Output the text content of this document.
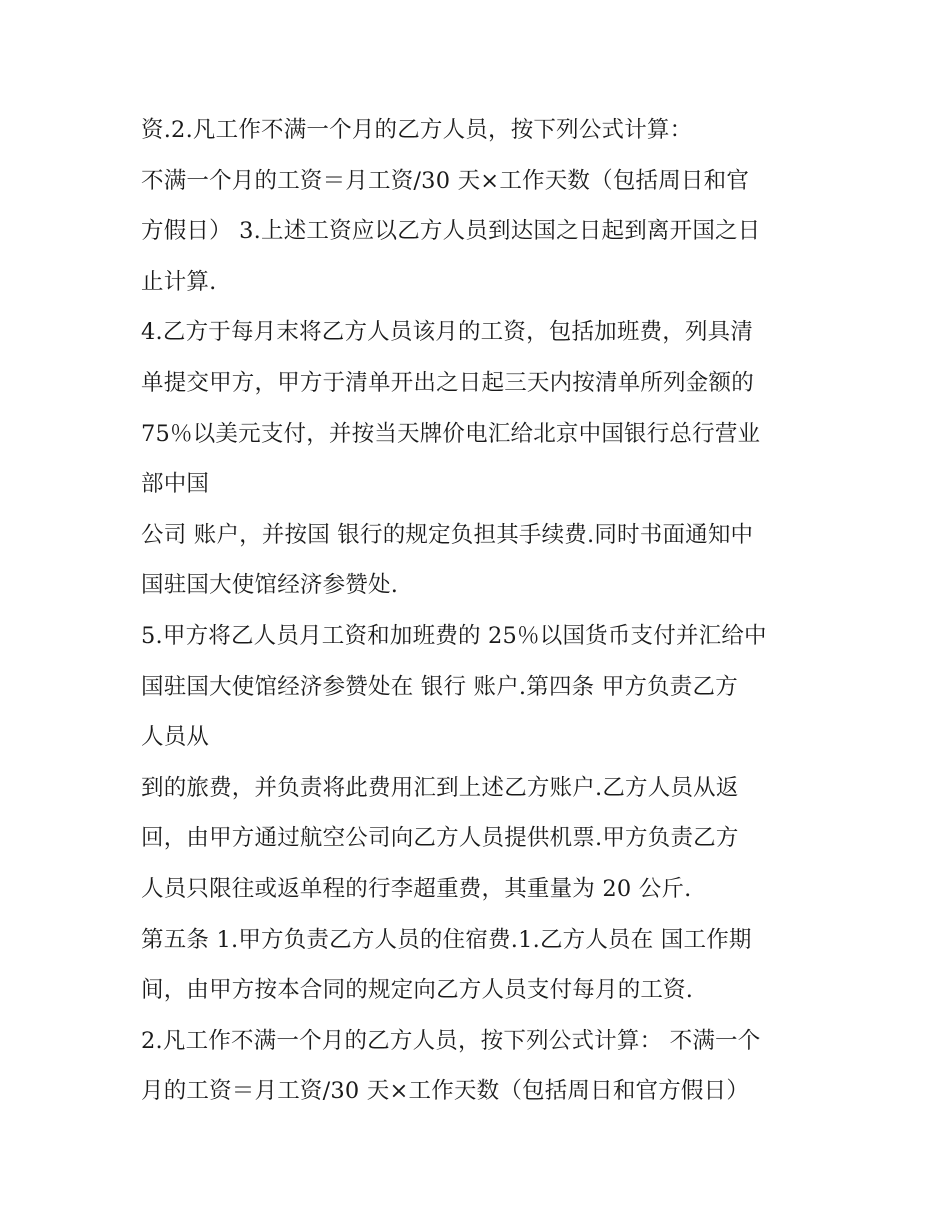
资.2.凡工作不满一个月的乙方人员，按下列公式计算：
不满一个月的工资＝月工资/30 天×工作天数（包括周日和官
方假日） 3.上述工资应以乙方人员到达国之日起到离开国之日
止计算.
4.乙方于每月末将乙方人员该月的工资，包括加班费，列具清
单提交甲方，甲方于清单开出之日起三天内按清单所列金额的
75％以美元支付，并按当天牌价电汇给北京中国银行总行营业
部中国
公司 账户，并按国 银行的规定负担其手续费.同时书面通知中
国驻国大使馆经济参赞处.
5.甲方将乙人员月工资和加班费的 25％以国货币支付并汇给中
国驻国大使馆经济参赞处在 银行 账户.第四条 甲方负责乙方
人员从
到的旅费，并负责将此费用汇到上述乙方账户.乙方人员从返
回，由甲方通过航空公司向乙方人员提供机票.甲方负责乙方
人员只限往或返单程的行李超重费，其重量为 20 公斤.
第五条 1.甲方负责乙方人员的住宿费.1.乙方人员在 国工作期
间，由甲方按本合同的规定向乙方人员支付每月的工资.
2.凡工作不满一个月的乙方人员，按下列公式计算： 不满一个
月的工资＝月工资/30 天×工作天数（包括周日和官方假日）
